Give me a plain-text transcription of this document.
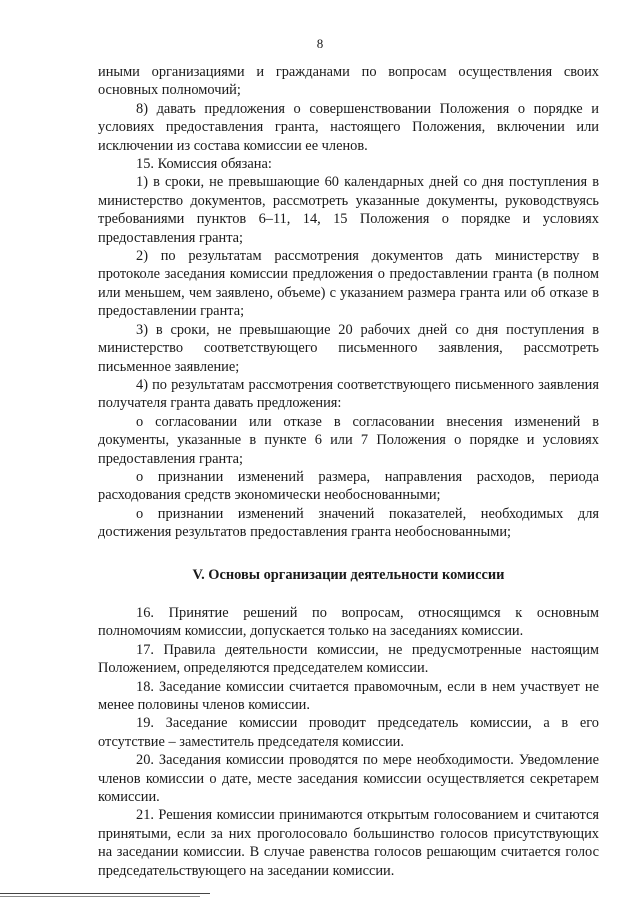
8

иными организациями и гражданами по вопросам осуществления своих основных полномочий;

8) давать предложения о совершенствовании Положения о порядке и условиях предоставления гранта, настоящего Положения, включении или исключении из состава комиссии ее членов.

15. Комиссия обязана:

1) в сроки, не превышающие 60 календарных дней со дня поступления в министерство документов, рассмотреть указанные документы, руководствуясь требованиями пунктов 6–11, 14, 15 Положения о порядке и условиях предоставления гранта;

2) по результатам рассмотрения документов дать министерству в протоколе заседания комиссии предложения о предоставлении гранта (в полном или меньшем, чем заявлено, объеме) с указанием размера гранта или об отказе в предоставлении гранта;

3) в сроки, не превышающие 20 рабочих дней со дня поступления в министерство соответствующего письменного заявления, рассмотреть письменное заявление;

4) по результатам рассмотрения соответствующего письменного заявления получателя гранта давать предложения:

о согласовании или отказе в согласовании внесения изменений в документы, указанные в пункте 6 или 7 Положения о порядке и условиях предоставления гранта;

о признании изменений размера, направления расходов, периода расходования средств экономически необоснованными;

о признании изменений значений показателей, необходимых для достижения результатов предоставления гранта необоснованными;

V. Основы организации деятельности комиссии

16. Принятие решений по вопросам, относящимся к основным полномочиям комиссии, допускается только на заседаниях комиссии.

17. Правила деятельности комиссии, не предусмотренные настоящим Положением, определяются председателем комиссии.

18. Заседание комиссии считается правомочным, если в нем участвует не менее половины членов комиссии.

19. Заседание комиссии проводит председатель комиссии, а в его отсутствие – заместитель председателя комиссии.

20. Заседания комиссии проводятся по мере необходимости. Уведомление членов комиссии о дате, месте заседания комиссии осуществляется секретарем комиссии.

21. Решения комиссии принимаются открытым голосованием и считаются принятыми, если за них проголосовало большинство голосов присутствующих на заседании комиссии. В случае равенства голосов решающим считается голос председательствующего на заседании комиссии.
